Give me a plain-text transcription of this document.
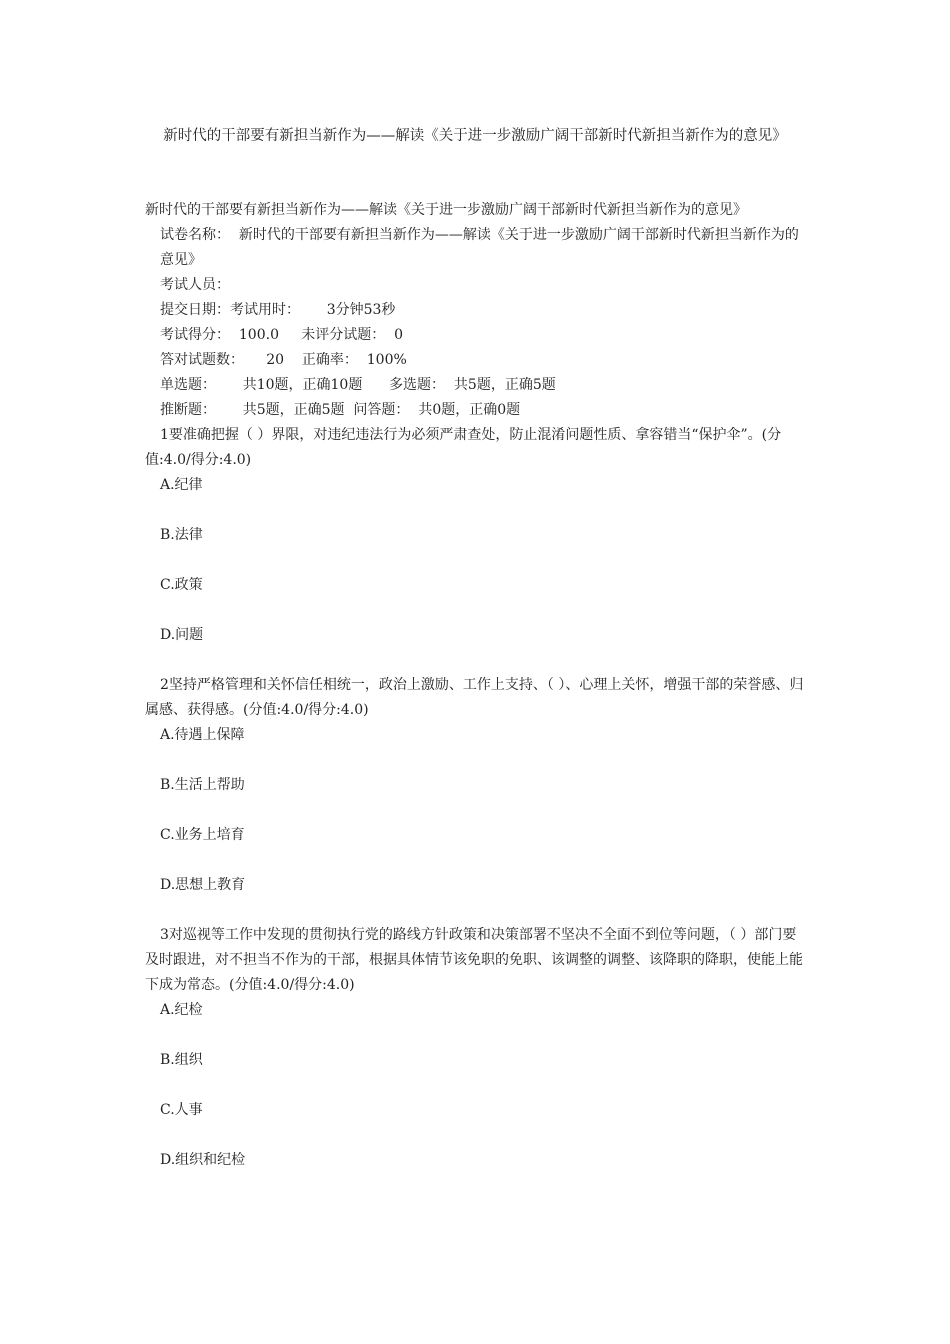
新时代的干部要有新担当新作为——解读《关于进一步激励广阔干部新时代新担当新作为的意见》
新时代的干部要有新担当新作为——解读《关于进一步激励广阔干部新时代新担当新作为的意见》
试卷名称：  新时代的干部要有新担当新作为——解读《关于进一步激励广阔干部新时代新担当新作为的意见》
考试人员：
提交日期：考试用时：      3分钟53秒
考试得分：  100.0     未评分试题：  0
答对试题数：     20    正确率：  100%
单选题：      共10题，正确10题      多选题：  共5题，正确5题
推断题：      共5题，正确5题  问答题：  共0题，正确0题
1要准确把握（ ）界限，对违纪违法行为必须严肃查处，防止混淆问题性质、拿容错当“保护伞”。(分值:4.0/得分:4.0)
A.纪律
B.法律
C.政策
D.问题
2坚持严格管理和关怀信任相统一，政治上激励、工作上支持、（ ）、心理上关怀，增强干部的荣誉感、归属感、获得感。(分值:4.0/得分:4.0)
A.待遇上保障
B.生活上帮助
C.业务上培育
D.思想上教育
3对巡视等工作中发现的贯彻执行党的路线方针政策和决策部署不坚决不全面不到位等问题，（ ）部门要及时跟进，对不担当不作为的干部，根据具体情节该免职的免职、该调整的调整、该降职的降职，使能上能下成为常态。(分值:4.0/得分:4.0)
A.纪检
B.组织
C.人事
D.组织和纪检
